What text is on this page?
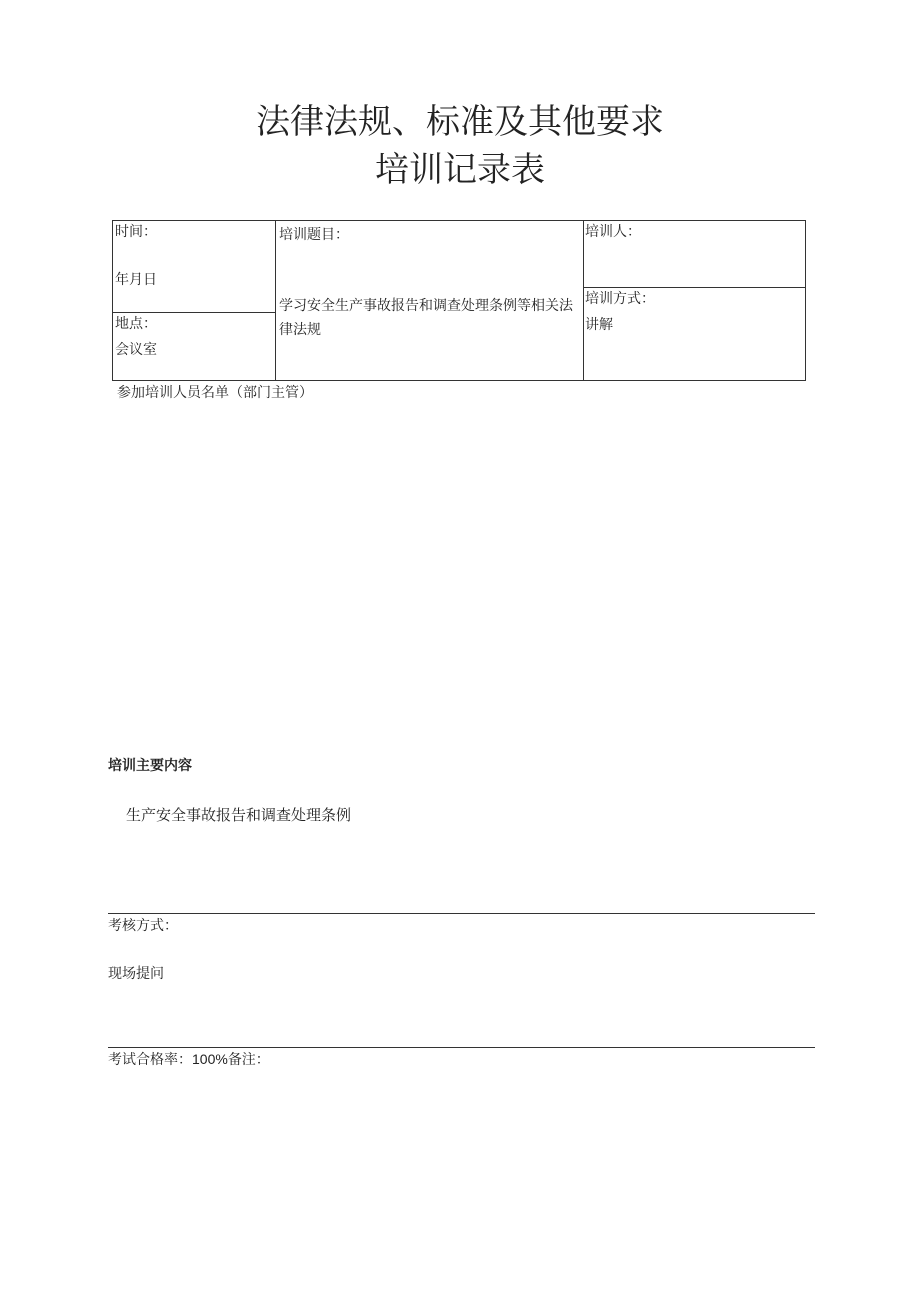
法律法规、标准及其他要求
培训记录表
时间：
年月日
地点：
会议室
培训题目：
学习安全生产事故报告和调查处理条例等相关法律法规
培训人：
培训方式：
讲解
参加培训人员名单（部门主管）
培训主要内容
生产安全事故报告和调查处理条例
考核方式：
现场提问
考试合格率：100%备注：
